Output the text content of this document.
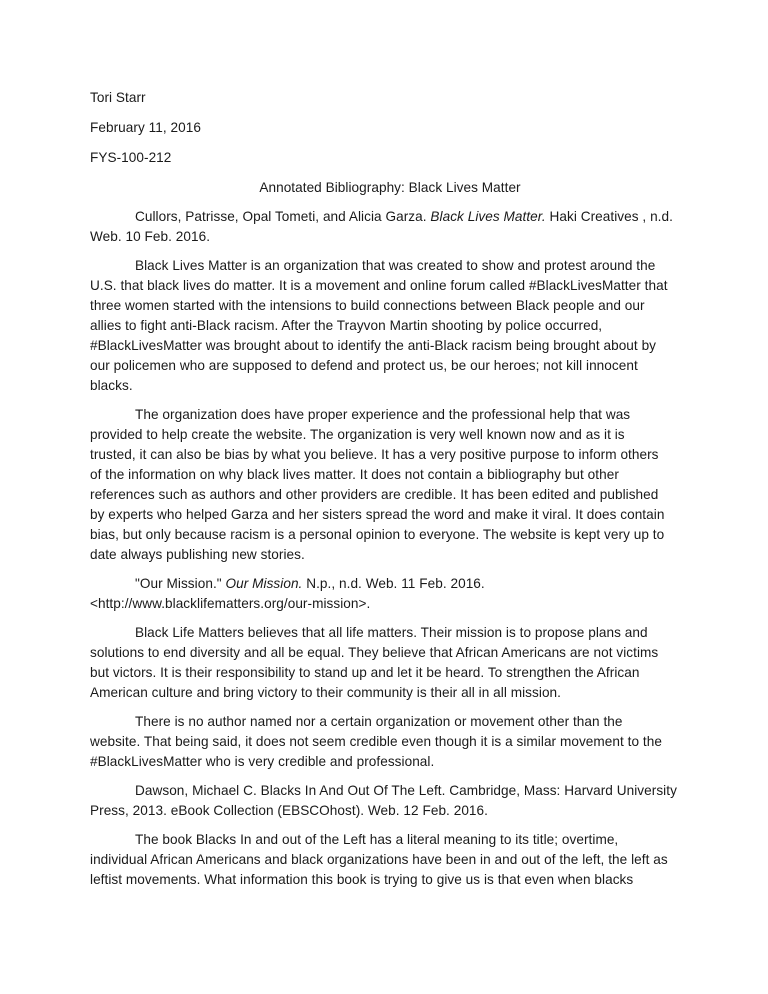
Tori Starr
February 11, 2016
FYS-100-212
Annotated Bibliography: Black Lives Matter
Cullors, Patrisse, Opal Tometi, and Alicia Garza. Black Lives Matter. Haki Creatives , n.d.
Web. 10 Feb. 2016.
Black Lives Matter is an organization that was created to show and protest around the
U.S. that black lives do matter. It is a movement and online forum called #BlackLivesMatter that
three women started with the intensions to build connections between Black people and our
allies to fight anti-Black racism. After the Trayvon Martin shooting by police occurred,
#BlackLivesMatter was brought about to identify the anti-Black racism being brought about by
our policemen who are supposed to defend and protect us, be our heroes; not kill innocent
blacks.
The organization does have proper experience and the professional help that was
provided to help create the website. The organization is very well known now and as it is
trusted, it can also be bias by what you believe. It has a very positive purpose to inform others
of the information on why black lives matter. It does not contain a bibliography but other
references such as authors and other providers are credible. It has been edited and published
by experts who helped Garza and her sisters spread the word and make it viral. It does contain
bias, but only because racism is a personal opinion to everyone. The website is kept very up to
date always publishing new stories.
"Our Mission." Our Mission. N.p., n.d. Web. 11 Feb. 2016.
<http://www.blacklifematters.org/our-mission>.
Black Life Matters believes that all life matters. Their mission is to propose plans and
solutions to end diversity and all be equal. They believe that African Americans are not victims
but victors. It is their responsibility to stand up and let it be heard. To strengthen the African
American culture and bring victory to their community is their all in all mission.
There is no author named nor a certain organization or movement other than the
website. That being said, it does not seem credible even though it is a similar movement to the
#BlackLivesMatter who is very credible and professional.
Dawson, Michael C. Blacks In And Out Of The Left. Cambridge, Mass: Harvard University
Press, 2013. eBook Collection (EBSCOhost). Web. 12 Feb. 2016.
The book Blacks In and out of the Left has a literal meaning to its title; overtime,
individual African Americans and black organizations have been in and out of the left, the left as
leftist movements. What information this book is trying to give us is that even when blacks
